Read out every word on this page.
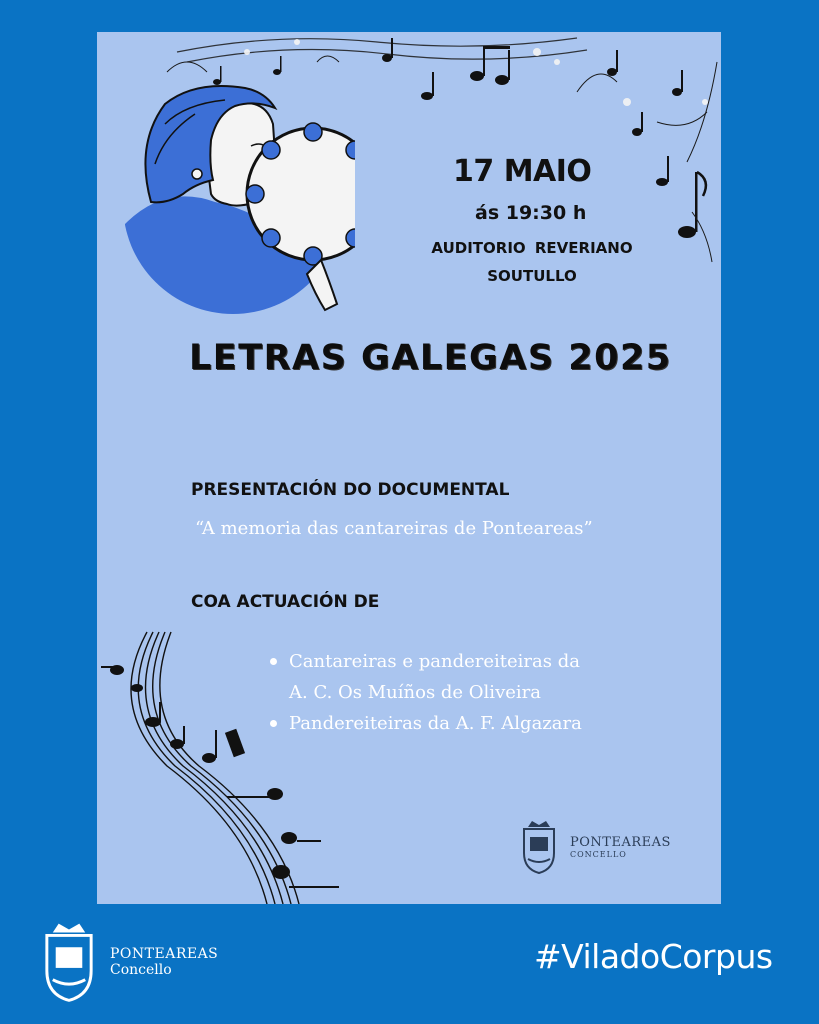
17 MAIO
ás 19:30 h
AUDITORIO REVERIANO
SOUTULLO
LETRAS GALEGAS 2025
PRESENTACIÓN DO DOCUMENTAL
“A memoria das cantareiras de Ponteareas”
COA ACTUACIÓN DE
Cantareiras e pandereiteiras da
A. C. Os Muíños de Oliveira
Pandereiteiras da A. F. Algazara
PONTEAREAS
CONCELLO
PONTEAREAS
Concello	#ViladoCorpus
